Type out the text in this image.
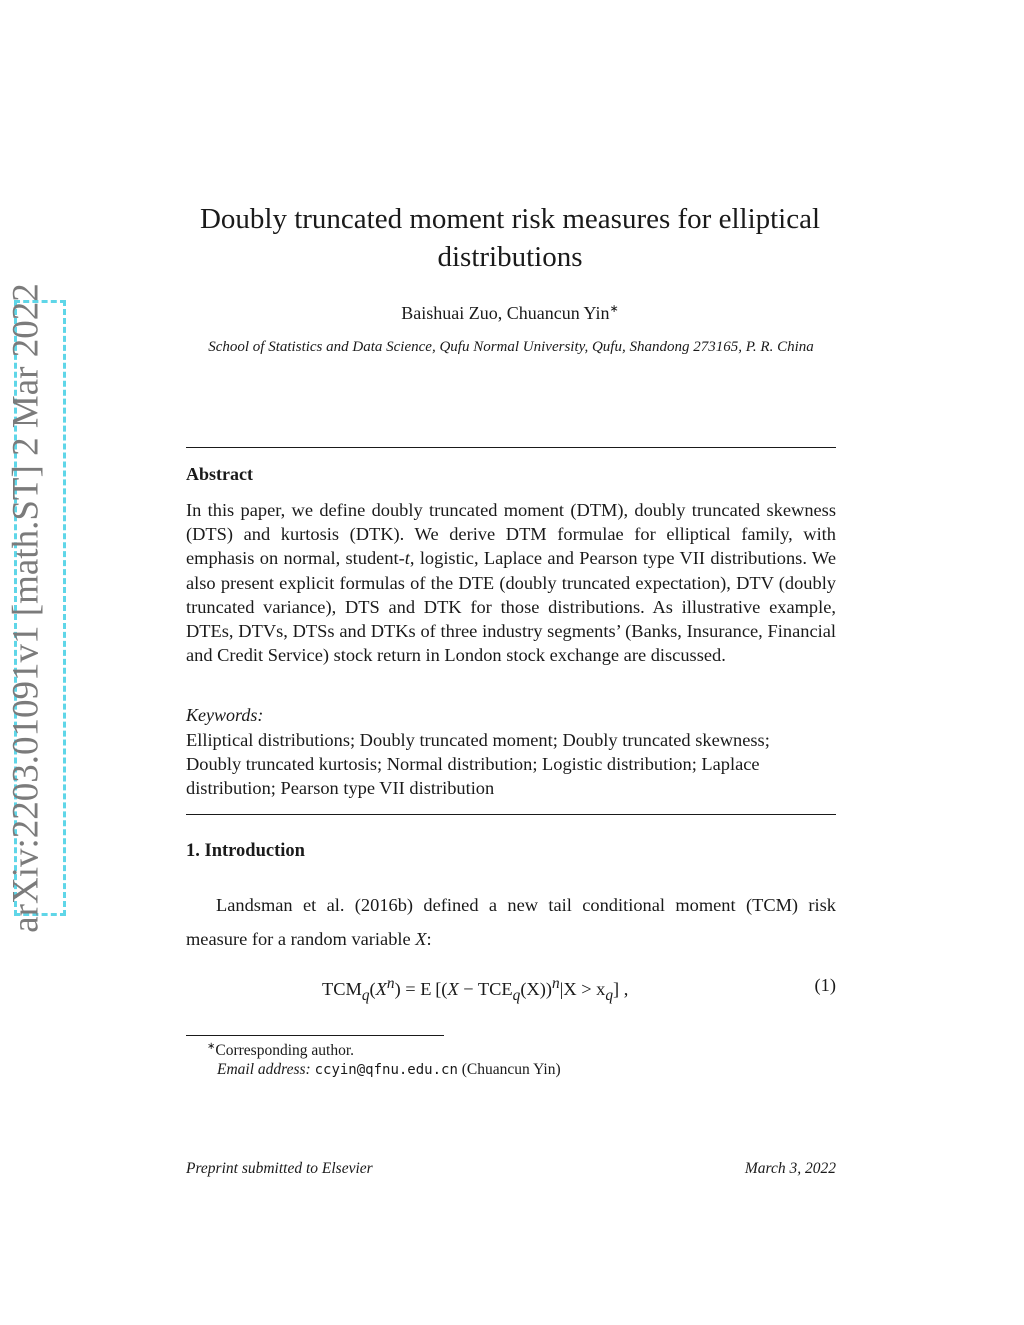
arXiv:2203.01091v1 [math.ST] 2 Mar 2022
Doubly truncated moment risk measures for elliptical distributions
Baishuai Zuo, Chuancun Yin∗
School of Statistics and Data Science, Qufu Normal University, Qufu, Shandong 273165, P. R. China
Abstract
In this paper, we define doubly truncated moment (DTM), doubly truncated skewness (DTS) and kurtosis (DTK). We derive DTM formulae for elliptical family, with emphasis on normal, student-t, logistic, Laplace and Pearson type VII distributions. We also present explicit formulas of the DTE (doubly truncated expectation), DTV (doubly truncated variance), DTS and DTK for those distributions. As illustrative example, DTEs, DTVs, DTSs and DTKs of three industry segments’ (Banks, Insurance, Financial and Credit Service) stock return in London stock exchange are discussed.
Keywords:
Elliptical distributions; Doubly truncated moment; Doubly truncated skewness; Doubly truncated kurtosis; Normal distribution; Logistic distribution; Laplace distribution; Pearson type VII distribution
1. Introduction
Landsman et al. (2016b) defined a new tail conditional moment (TCM) risk measure for a random variable X:
$TCM_q(X^n) = E$  $[(X - TCE_q(X))^n|X > x_q]$ ,	(1)
∗Corresponding author.
Email address: ccyin@qfnu.edu.cn (Chuancun Yin)
Preprint submitted to Elsevier	March 3, 2022
